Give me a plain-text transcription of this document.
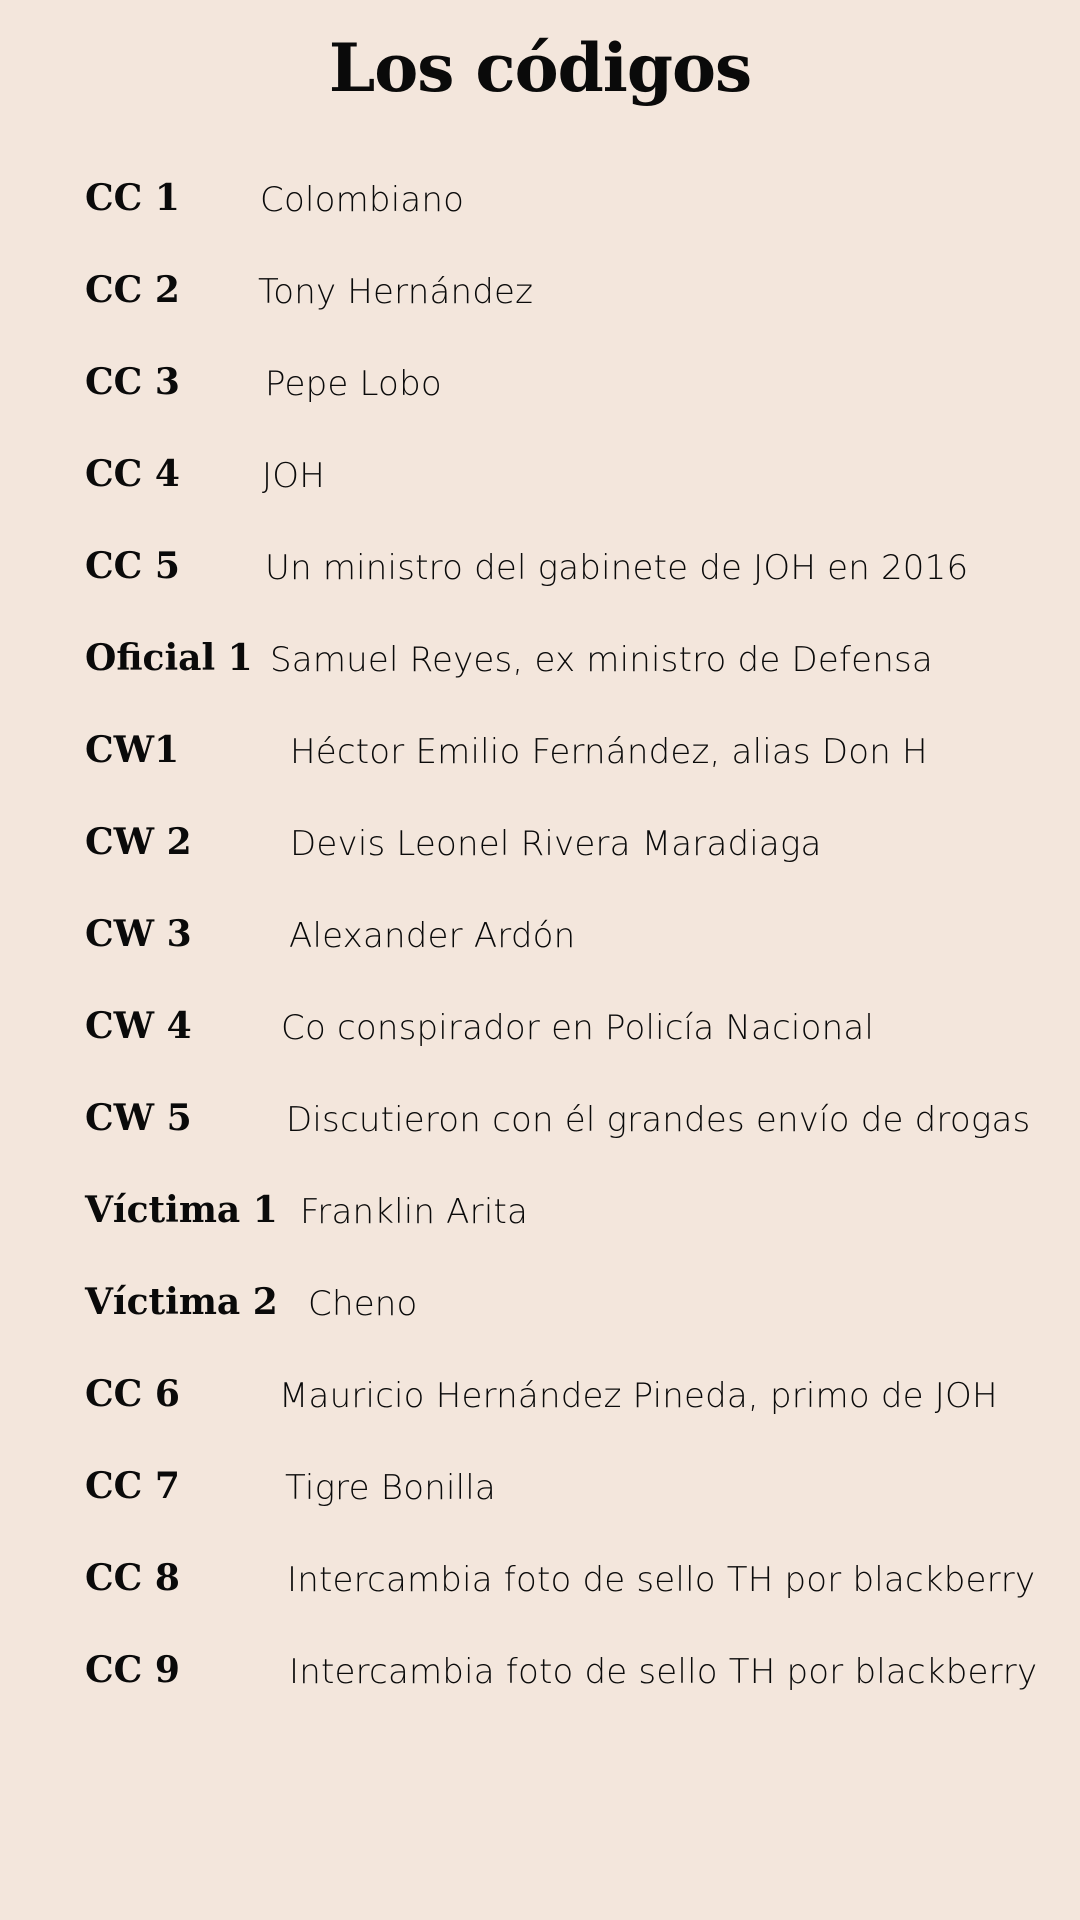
Los códigos
CC 1 Colombiano
CC 2 Tony Hernández
CC 3	Pepe Lobo
CC 4 JOH
CC 5	Un ministro del gabinete de JOH en 2016
Oficial 1 Samuel Reyes, ex ministro de Defensa
CW1	Héctor Emilio Fernández, alias Don H
CW 2	Devis Leonel Rivera Maradiaga
CW 3	Alexander Ardón
CW 4	Co conspirador en Policía Nacional
CW 5	Discutieron con él grandes envío de drogas
Víctima 1 Franklin Arita
Víctima 2 Cheno
CC 6	Mauricio Hernández Pineda, primo de JOH
CC 7	Tigre Bonilla
CC 8	Intercambia foto de sello TH por blackberry
CC 9	Intercambia foto de sello TH por blackberry
